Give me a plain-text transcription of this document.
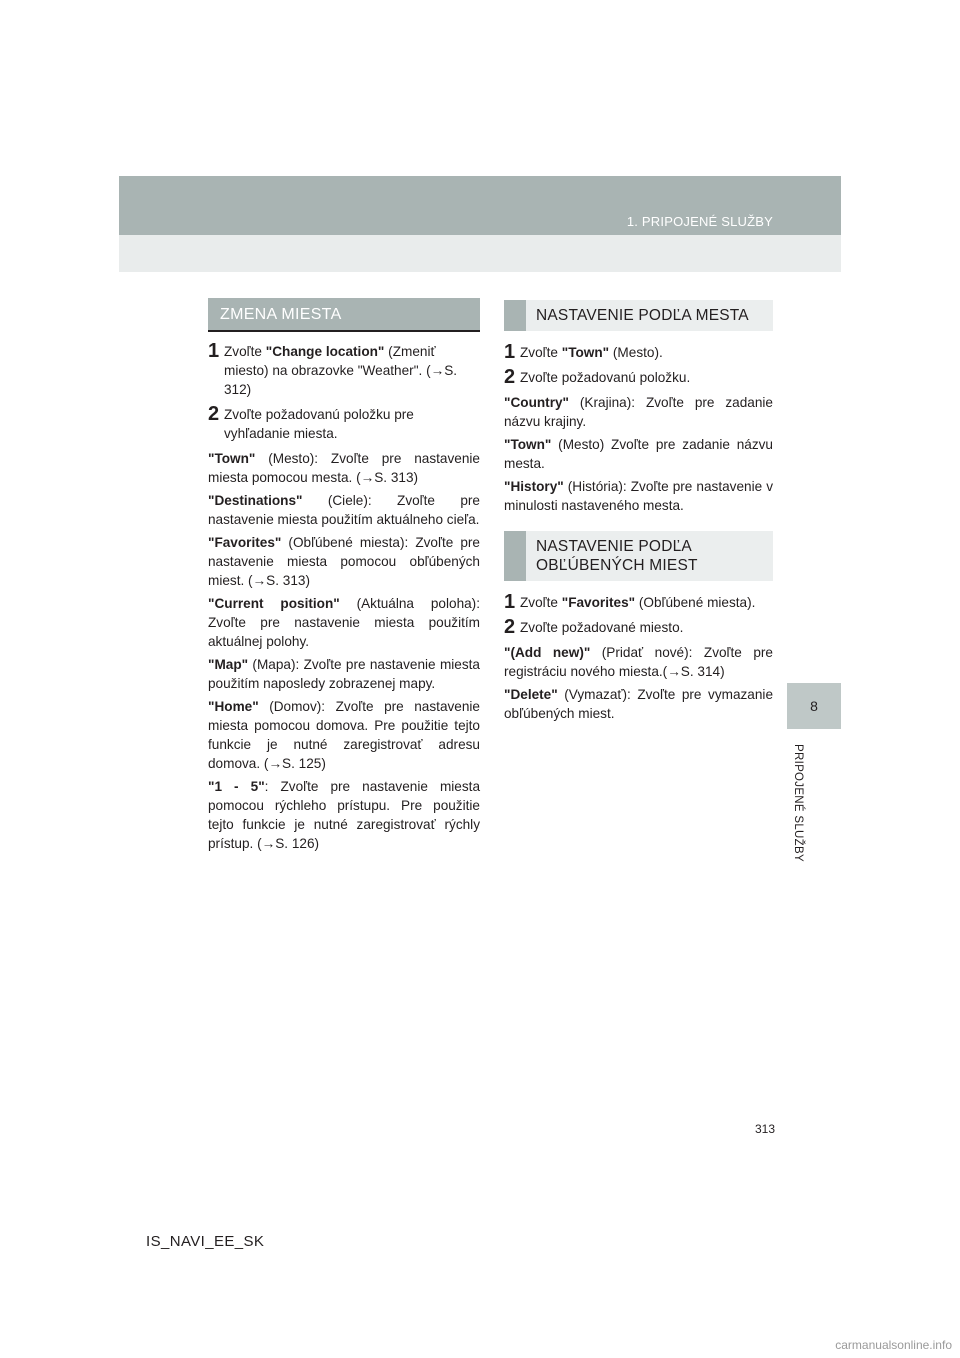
1. PRIPOJENÉ SLUŽBY
8
PRIPOJENÉ SLUŽBY
ZMENA MIESTA
1 Zvoľte "Change location" (Zmeniť miesto) na obrazovke "Weather". (→S. 312)
2 Zvoľte požadovanú položku pre vyhľadanie miesta.
"Town" (Mesto): Zvoľte pre nastavenie miesta pomocou mesta. (→S. 313)
"Destinations" (Ciele): Zvoľte pre nastavenie miesta použitím aktuálneho cieľa.
"Favorites" (Obľúbené miesta): Zvoľte pre nastavenie miesta pomocou obľúbených miest. (→S. 313)
"Current position" (Aktuálna poloha): Zvoľte pre nastavenie miesta použitím aktuálnej polohy.
"Map" (Mapa): Zvoľte pre nastavenie miesta použitím naposledy zobrazenej mapy.
"Home" (Domov): Zvoľte pre nastavenie miesta pomocou domova. Pre použitie tejto funkcie je nutné zaregistrovať adresu domova. (→S. 125)
"1 - 5": Zvoľte pre nastavenie miesta pomocou rýchleho prístupu. Pre použitie tejto funkcie je nutné zaregistrovať rýchly prístup. (→S. 126)
NASTAVENIE PODĽA MESTA
1 Zvoľte "Town" (Mesto).
2 Zvoľte požadovanú položku.
"Country" (Krajina): Zvoľte pre zadanie názvu krajiny.
"Town" (Mesto) Zvoľte pre zadanie názvu mesta.
"History" (História): Zvoľte pre nastavenie v minulosti nastaveného mesta.
NASTAVENIE PODĽA
OBĽÚBENÝCH MIEST
1 Zvoľte "Favorites" (Obľúbené miesta).
2 Zvoľte požadované miesto.
"(Add new)" (Pridať nové): Zvoľte pre registráciu nového miesta.(→S. 314)
"Delete" (Vymazať): Zvoľte pre vymazanie obľúbených miest.
313
IS_NAVI_EE_SK
carmanualsonline.info
